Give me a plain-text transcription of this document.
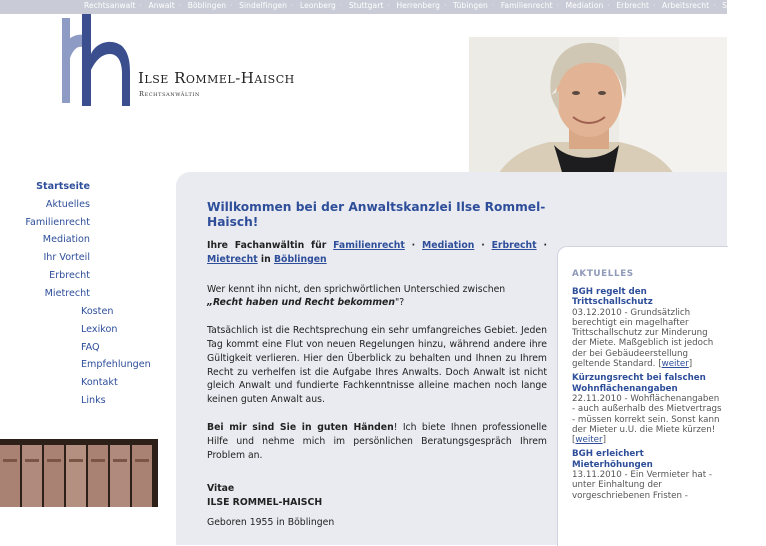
Rechtsanwalt · Anwalt · Böblingen · Sindelfingen · Leonberg · Stuttgart · Herrenberg · Tübingen · Familienrecht · Mediation · Erbrecht · Arbeitsrecht · Scheidung
Ilse Rommel-Haisch
Rechtsanwältin
Startseite
Aktuelles
Familienrecht
Mediation
Ihr Vorteil
Erbrecht
Mietrecht
Kosten
Lexikon
FAQ
Empfehlungen
Kontakt
Links
Willkommen bei der Anwaltskanzlei Ilse Rommel-Haisch!

Ihre Fachanwältin für Familienrecht · Mediation · Erbrecht · Mietrecht in Böblingen

Wer kennt ihn nicht, den sprichwörtlichen Unterschied zwischen
„Recht haben und Recht bekommen"?

Tatsächlich ist die Rechtsprechung ein sehr umfangreiches Gebiet. Jeden Tag kommt eine Flut von neuen Regelungen hinzu, während andere ihre Gültigkeit verlieren. Hier den Überblick zu behalten und Ihnen zu Ihrem Recht zu verhelfen ist die Aufgabe Ihres Anwalts. Doch Anwalt ist nicht gleich Anwalt und fundierte Fachkenntnisse alleine machen noch lange keinen guten Anwalt aus.

Bei mir sind Sie in guten Händen! Ich biete Ihnen professionelle Hilfe und nehme mich im persönlichen Beratungsgespräch Ihrem Problem an.

Vitae
ILSE ROMMEL-HAISCH

Geboren 1955 in Böblingen

AKTUELLES
BGH regelt den Trittschallschutz
03.12.2010 - Grundsätzlich berechtigt ein magelhafter Trittschallschutz zur Minderung der Miete. Maßgeblich ist jedoch der bei Gebäudeerstellung geltende Standard. [weiter]
Kürzungsrecht bei falschen Wohnflächenangaben
22.11.2010 - Wohflächenangaben - auch außerhalb des Mietvertrags - müssen korrekt sein. Sonst kann der Mieter u.U. die Miete kürzen! [weiter]
BGH erleichert Mieterhöhungen
13.11.2010 - Ein Vermieter hat - unter Einhaltung der vorgeschriebenen Fristen -
